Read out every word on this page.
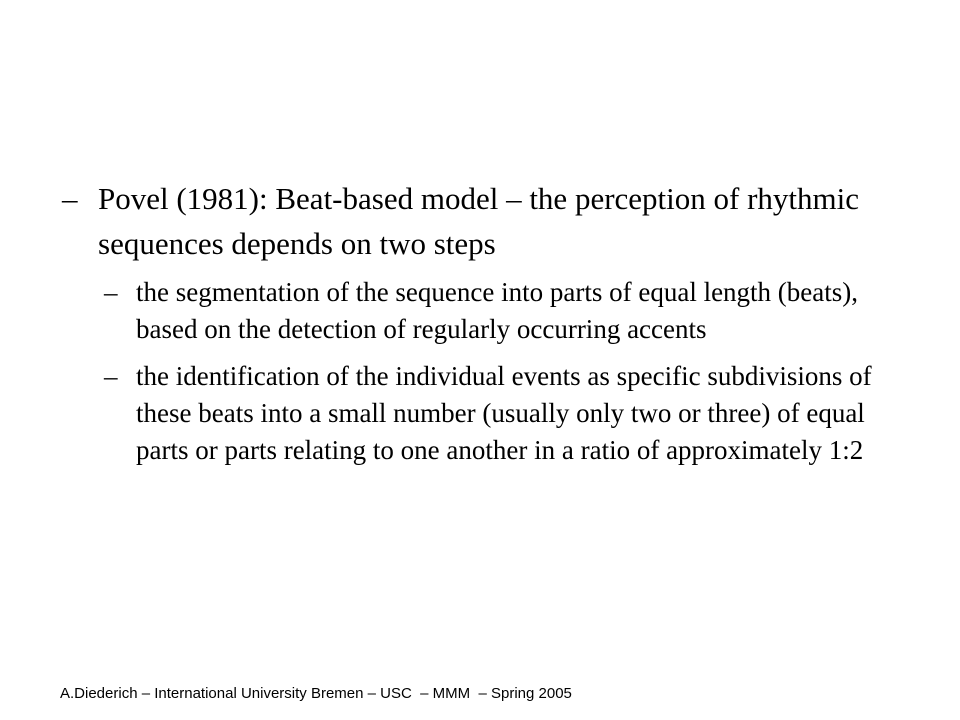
– Povel (1981): Beat-based model – the perception of rhythmic sequences depends on two steps
– the segmentation of the sequence into parts of equal length (beats), based on the detection of regularly occurring accents
– the identification of the individual events as specific subdivisions of these beats into a small number (usually only two or three) of equal parts or parts relating to one another in a ratio of approximately 1:2
A.Diederich – International University Bremen – USC  – MMM  – Spring 2005
